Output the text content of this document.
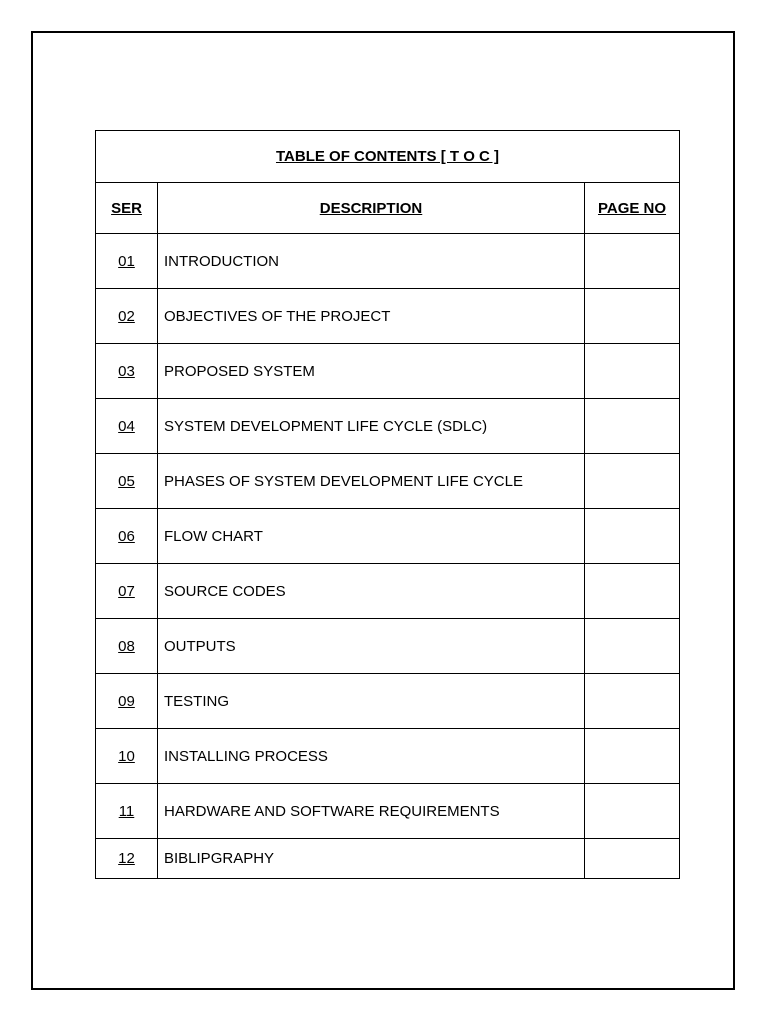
TABLE OF CONTENTS [ T O C ]		
SER	DESCRIPTION	PAGE NO
01	INTRODUCTION	
02	OBJECTIVES OF THE PROJECT	
03	PROPOSED SYSTEM	
04	SYSTEM DEVELOPMENT LIFE CYCLE (SDLC)	
05	PHASES OF SYSTEM DEVELOPMENT LIFE CYCLE	
06	FLOW CHART	
07	SOURCE CODES	
08	OUTPUTS	
09	TESTING	
10	INSTALLING PROCESS	
11	HARDWARE AND SOFTWARE REQUIREMENTS	
12	BIBLIPGRAPHY	
